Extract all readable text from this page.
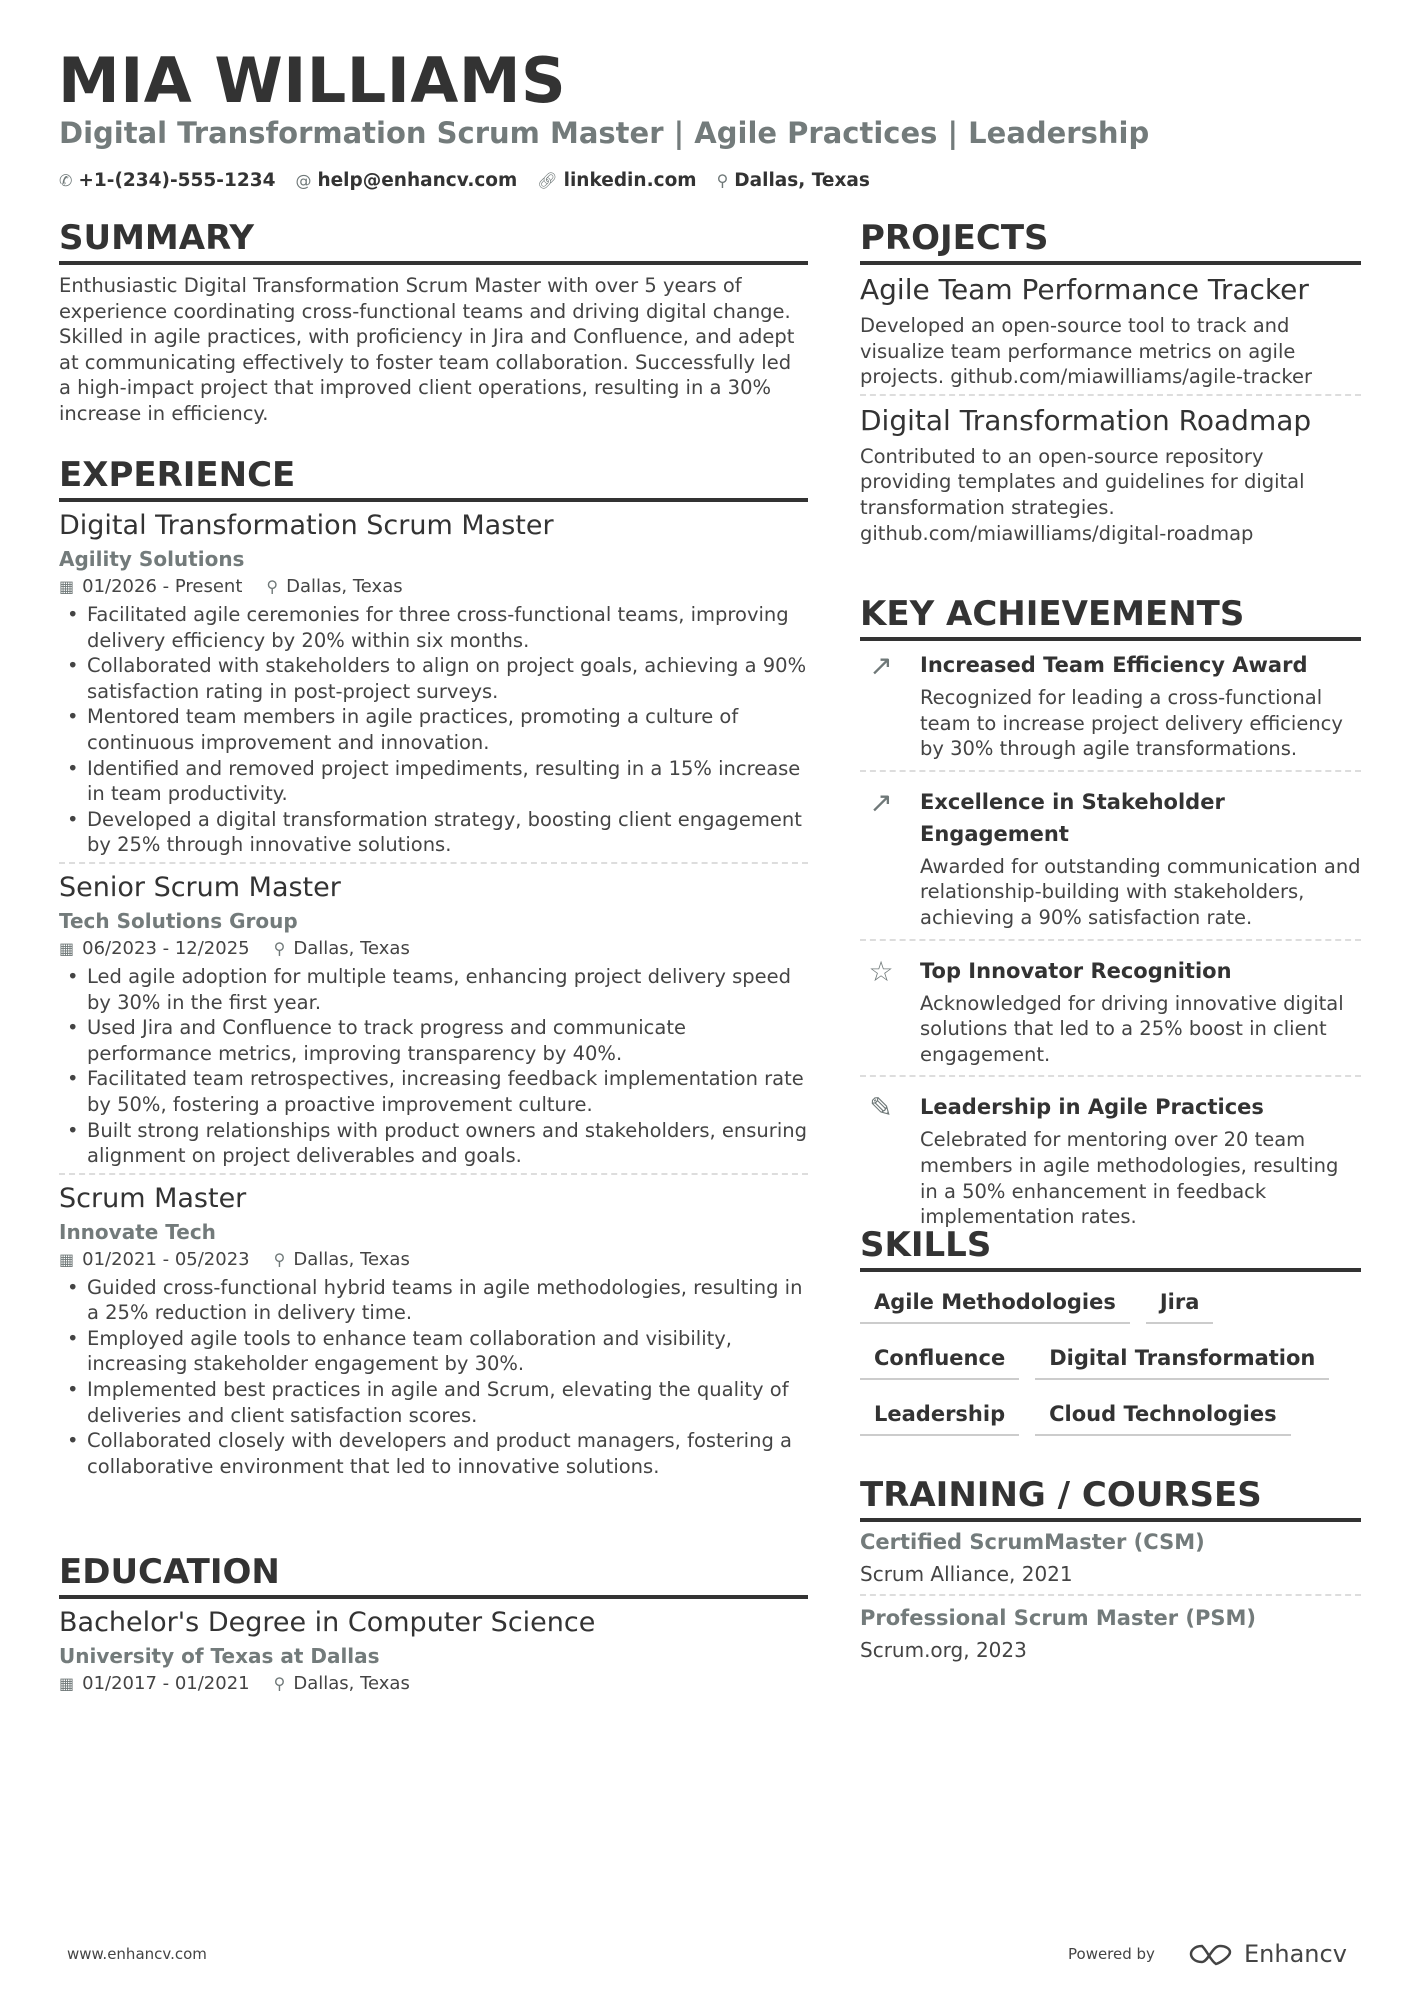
MIA WILLIAMS
Digital Transformation Scrum Master | Agile Practices | Leadership
✆ +1-(234)-555-1234 @ help@enhancv.com 🔗︎ linkedin.com ⚲ Dallas, Texas
SUMMARY

Enthusiastic Digital Transformation Scrum Master with over 5 years of experience coordinating cross-functional teams and driving digital change. Skilled in agile practices, with proficiency in Jira and Confluence, and adept at communicating effectively to foster team collaboration. Successfully led a high-impact project that improved client operations, resulting in a 30% increase in efficiency.

EXPERIENCE
Digital Transformation Scrum Master
Agility Solutions
▦ 01/2026 - Present ⚲ Dallas, Texas
• Facilitated agile ceremonies for three cross-functional teams, improving delivery efficiency by 20% within six months.
• Collaborated with stakeholders to align on project goals, achieving a 90% satisfaction rating in post-project surveys.
• Mentored team members in agile practices, promoting a culture of continuous improvement and innovation.
• Identified and removed project impediments, resulting in a 15% increase in team productivity.
• Developed a digital transformation strategy, boosting client engagement by 25% through innovative solutions.
Senior Scrum Master
Tech Solutions Group
▦ 06/2023 - 12/2025 ⚲ Dallas, Texas
• Led agile adoption for multiple teams, enhancing project delivery speed by 30% in the first year.
• Used Jira and Confluence to track progress and communicate performance metrics, improving transparency by 40%.
• Facilitated team retrospectives, increasing feedback implementation rate by 50%, fostering a proactive improvement culture.
• Built strong relationships with product owners and stakeholders, ensuring alignment on project deliverables and goals.
Scrum Master
Innovate Tech
▦ 01/2021 - 05/2023 ⚲ Dallas, Texas
• Guided cross-functional hybrid teams in agile methodologies, resulting in a 25% reduction in delivery time.
• Employed agile tools to enhance team collaboration and visibility, increasing stakeholder engagement by 30%.
• Implemented best practices in agile and Scrum, elevating the quality of deliveries and client satisfaction scores.
• Collaborated closely with developers and product managers, fostering a collaborative environment that led to innovative solutions.
EDUCATION
Bachelor's Degree in Computer Science
University of Texas at Dallas
▦ 01/2017 - 01/2021 ⚲ Dallas, Texas
PROJECTS
Agile Team Performance Tracker

Developed an open-source tool to track and visualize team performance metrics on agile projects. github.com/miawilliams/agile-tracker

Digital Transformation Roadmap

Contributed to an open-source repository providing templates and guidelines for digital transformation strategies. github.com/miawilliams/digital-roadmap

KEY ACHIEVEMENTS
↗	Increased Team Efficiency Award

Recognized for leading a cross-functional team to increase project delivery efficiency by 30% through agile transformations.

↗	Excellence in Stakeholder Engagement

Awarded for outstanding communication and relationship-building with stakeholders, achieving a 90% satisfaction rate.

☆	Top Innovator Recognition

Acknowledged for driving innovative digital solutions that led to a 25% boost in client engagement.

✎	Leadership in Agile Practices

Celebrated for mentoring over 20 team members in agile methodologies, resulting in a 50% enhancement in feedback implementation rates.

SKILLS
Agile Methodologies	Jira
Confluence	Digital Transformation
Leadership	Cloud Technologies
TRAINING / COURSES
Certified ScrumMaster (CSM)
Scrum Alliance, 2021
Professional Scrum Master (PSM)
Scrum.org, 2023
www.enhancv.com	Powered by	Enhancv
